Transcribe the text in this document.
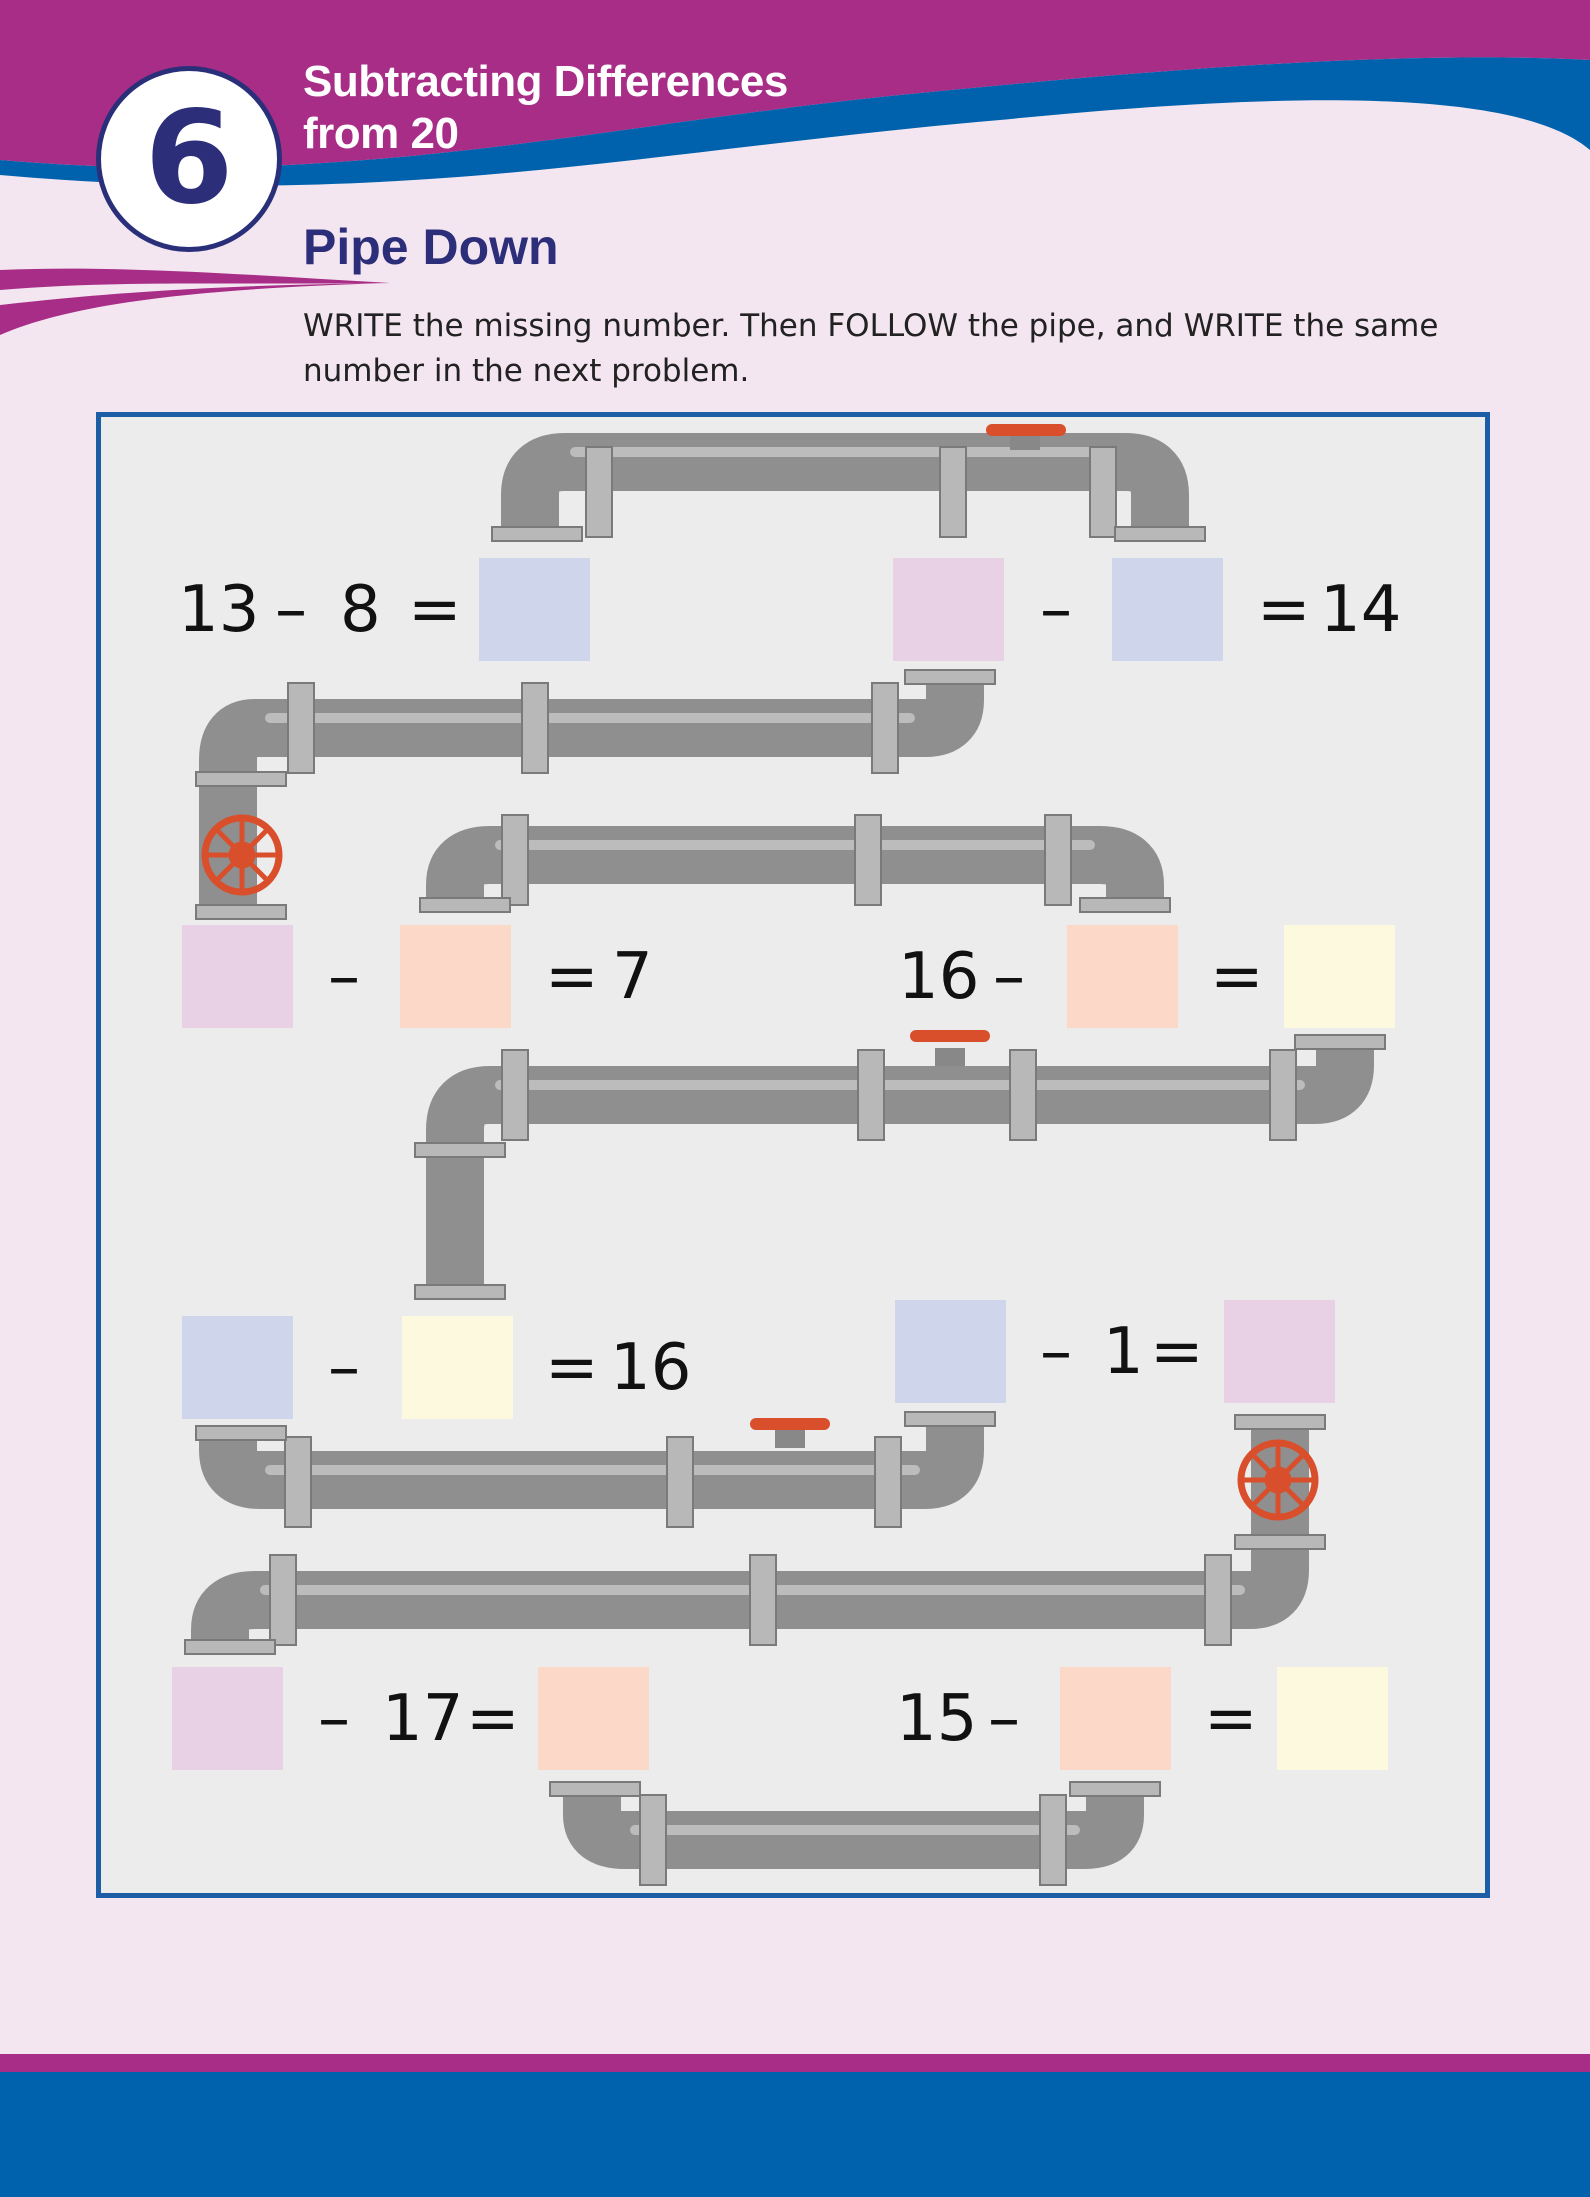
6
Subtracting Differences
from 20
Pipe Down
WRITE the missing number. Then FOLLOW the pipe, and WRITE the same number in the next problem.
13 – 8 =	–	= 14
–	= 7	16 –	=
–	= 16	– 1 =
– 17 =	15 –	=
